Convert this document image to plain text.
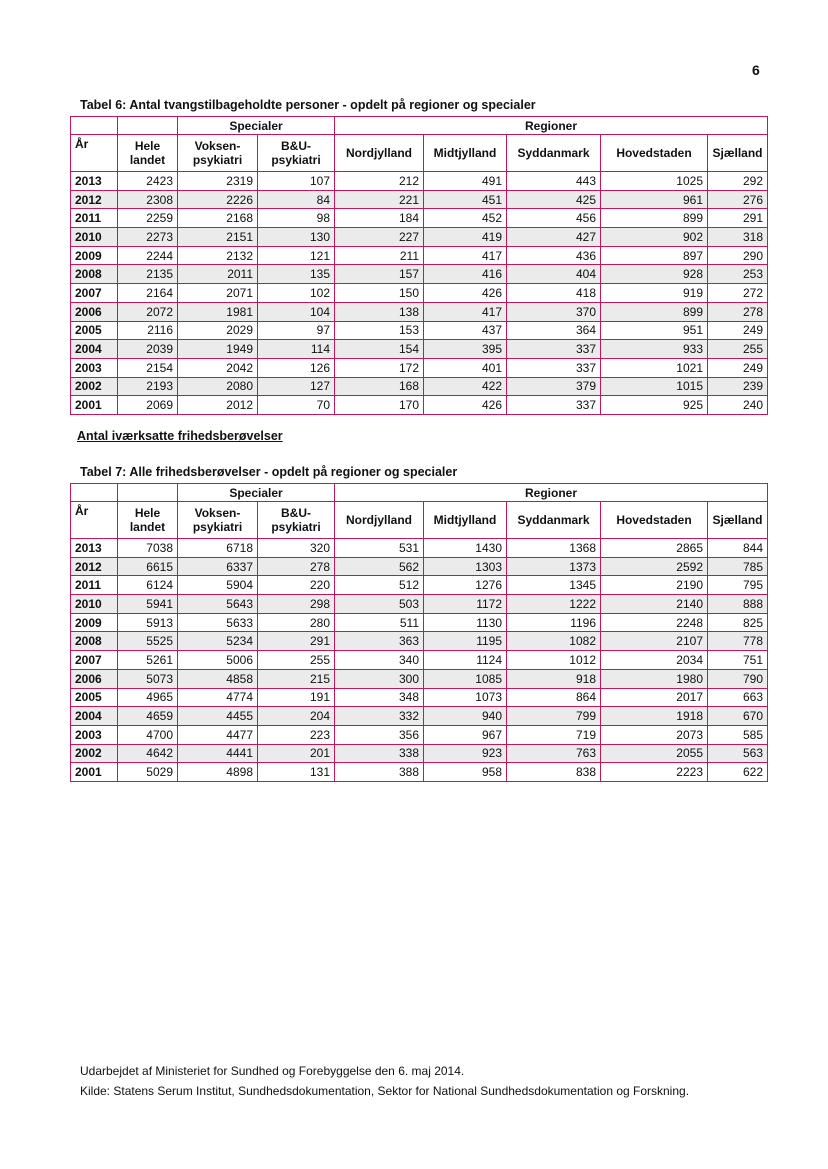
6
Tabel 6: Antal tvangstilbageholdte personer - opdelt på regioner og specialer
		Specialer		Regioner				
År	Hele landet	Voksen-psykiatri	B&U-psykiatri	Nordjylland	Midtjylland	Syddanmark	Hovedstaden	Sjælland
2013	2423	2319	107	212	491	443	1025	292
2012	2308	2226	84	221	451	425	961	276
2011	2259	2168	98	184	452	456	899	291
2010	2273	2151	130	227	419	427	902	318
2009	2244	2132	121	211	417	436	897	290
2008	2135	2011	135	157	416	404	928	253
2007	2164	2071	102	150	426	418	919	272
2006	2072	1981	104	138	417	370	899	278
2005	2116	2029	97	153	437	364	951	249
2004	2039	1949	114	154	395	337	933	255
2003	2154	2042	126	172	401	337	1021	249
2002	2193	2080	127	168	422	379	1015	239
2001	2069	2012	70	170	426	337	925	240
Antal iværksatte frihedsberøvelser
Tabel 7: Alle frihedsberøvelser - opdelt på regioner og specialer
		Specialer		Regioner				
År	Hele landet	Voksen-psykiatri	B&U-psykiatri	Nordjylland	Midtjylland	Syddanmark	Hovedstaden	Sjælland
2013	7038	6718	320	531	1430	1368	2865	844
2012	6615	6337	278	562	1303	1373	2592	785
2011	6124	5904	220	512	1276	1345	2190	795
2010	5941	5643	298	503	1172	1222	2140	888
2009	5913	5633	280	511	1130	1196	2248	825
2008	5525	5234	291	363	1195	1082	2107	778
2007	5261	5006	255	340	1124	1012	2034	751
2006	5073	4858	215	300	1085	918	1980	790
2005	4965	4774	191	348	1073	864	2017	663
2004	4659	4455	204	332	940	799	1918	670
2003	4700	4477	223	356	967	719	2073	585
2002	4642	4441	201	338	923	763	2055	563
2001	5029	4898	131	388	958	838	2223	622
Udarbejdet af Ministeriet for Sundhed og Forebyggelse den 6. maj 2014.
Kilde: Statens Serum Institut, Sundhedsdokumentation, Sektor for National Sundhedsdokumentation og Forskning.
